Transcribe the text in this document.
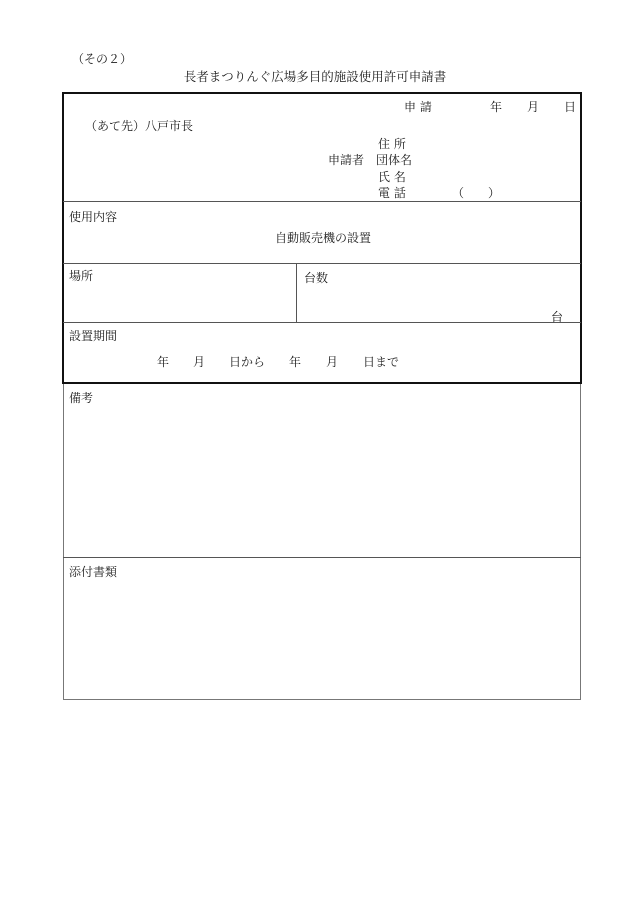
（その２）
長者まつりんぐ広場多目的施設使用許可申請書
申 請	年 月 日
（あて先）八戸市長
住 所
申請者 団体名
氏 名
電 話	（　　）
使用内容
自動販売機の設置
場所	台数
台
設置期間
年 月 日から 年 月 日まで
備考
添付書類
